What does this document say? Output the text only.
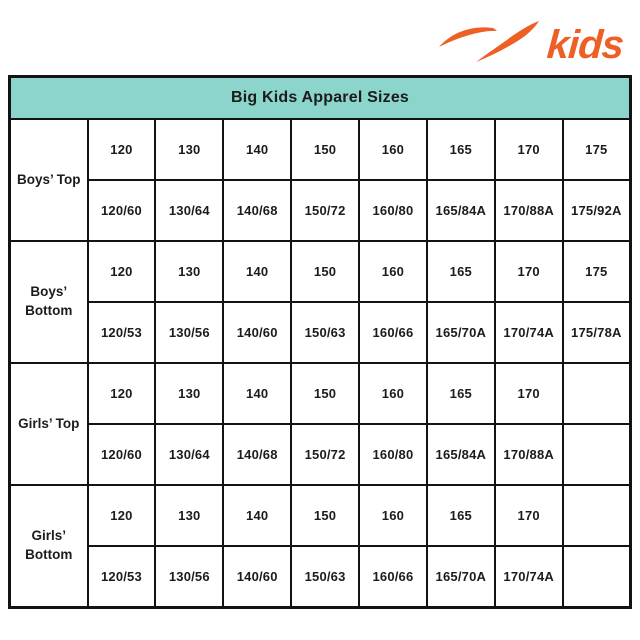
kids
Big Kids Apparel Sizes								
Boys’ Top	120	130	140	150	160	165	170	175
	120/60	130/64	140/68	150/72	160/80	165/84A	170/88A	175/92A
Boys’ Bottom	120	130	140	150	160	165	170	175
	120/53	130/56	140/60	150/63	160/66	165/70A	170/74A	175/78A
Girls’ Top	120	130	140	150	160	165	170	
	120/60	130/64	140/68	150/72	160/80	165/84A	170/88A	
Girls’ Bottom	120	130	140	150	160	165	170	
	120/53	130/56	140/60	150/63	160/66	165/70A	170/74A	
